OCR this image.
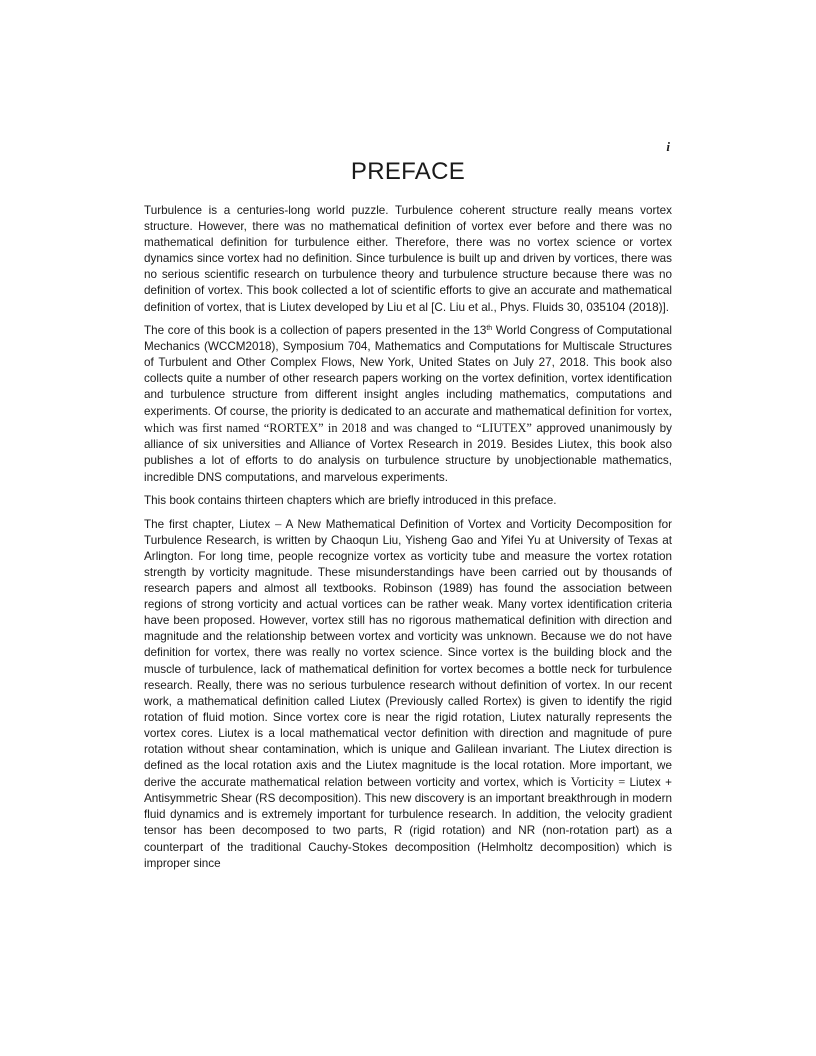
i
PREFACE

Turbulence is a centuries-long world puzzle. Turbulence coherent structure really means vortex structure. However, there was no mathematical definition of vortex ever before and there was no mathematical definition for turbulence either. Therefore, there was no vortex science or vortex dynamics since vortex had no definition. Since turbulence is built up and driven by vortices, there was no serious scientific research on turbulence theory and turbulence structure because there was no definition of vortex. This book collected a lot of scientific efforts to give an accurate and mathematical definition of vortex, that is Liutex developed by Liu et al [C. Liu et al., Phys. Fluids 30, 035104 (2018)].

The core of this book is a collection of papers presented in the 13th World Congress of Computational Mechanics (WCCM2018), Symposium 704, Mathematics and Computations for Multiscale Structures of Turbulent and Other Complex Flows, New York, United States on July 27, 2018. This book also collects quite a number of other research papers working on the vortex definition, vortex identification and turbulence structure from different insight angles including mathematics, computations and experiments. Of course, the priority is dedicated to an accurate and mathematical definition for vortex, which was first named “RORTEX” in 2018 and was changed to “LIUTEX” approved unanimously by alliance of six universities and Alliance of Vortex Research in 2019. Besides Liutex, this book also publishes a lot of efforts to do analysis on turbulence structure by unobjectionable mathematics, incredible DNS computations, and marvelous experiments.

This book contains thirteen chapters which are briefly introduced in this preface.

The first chapter, Liutex – A New Mathematical Definition of Vortex and Vorticity Decomposition for Turbulence Research, is written by Chaoqun Liu, Yisheng Gao and Yifei Yu at University of Texas at Arlington. For long time, people recognize vortex as vorticity tube and measure the vortex rotation strength by vorticity magnitude. These misunderstandings have been carried out by thousands of research papers and almost all textbooks. Robinson (1989) has found the association between regions of strong vorticity and actual vortices can be rather weak. Many vortex identification criteria have been proposed. However, vortex still has no rigorous mathematical definition with direction and magnitude and the relationship between vortex and vorticity was unknown. Because we do not have definition for vortex, there was really no vortex science. Since vortex is the building block and the muscle of turbulence, lack of mathematical definition for vortex becomes a bottle neck for turbulence research. Really, there was no serious turbulence research without definition of vortex. In our recent work, a mathematical definition called Liutex (Previously called Rortex) is given to identify the rigid rotation of fluid motion. Since vortex core is near the rigid rotation, Liutex naturally represents the vortex cores. Liutex is a local mathematical vector definition with direction and magnitude of pure rotation without shear contamination, which is unique and Galilean invariant. The Liutex direction is defined as the local rotation axis and the Liutex magnitude is the local rotation. More important, we derive the accurate mathematical relation between vorticity and vortex, which is Vorticity = Liutex + Antisymmetric Shear (RS decomposition). This new discovery is an important breakthrough in modern fluid dynamics and is extremely important for turbulence research. In addition, the velocity gradient tensor has been decomposed to two parts, R (rigid rotation) and NR (non-rotation part) as a counterpart of the traditional Cauchy-Stokes decomposition (Helmholtz decomposition) which is improper since
